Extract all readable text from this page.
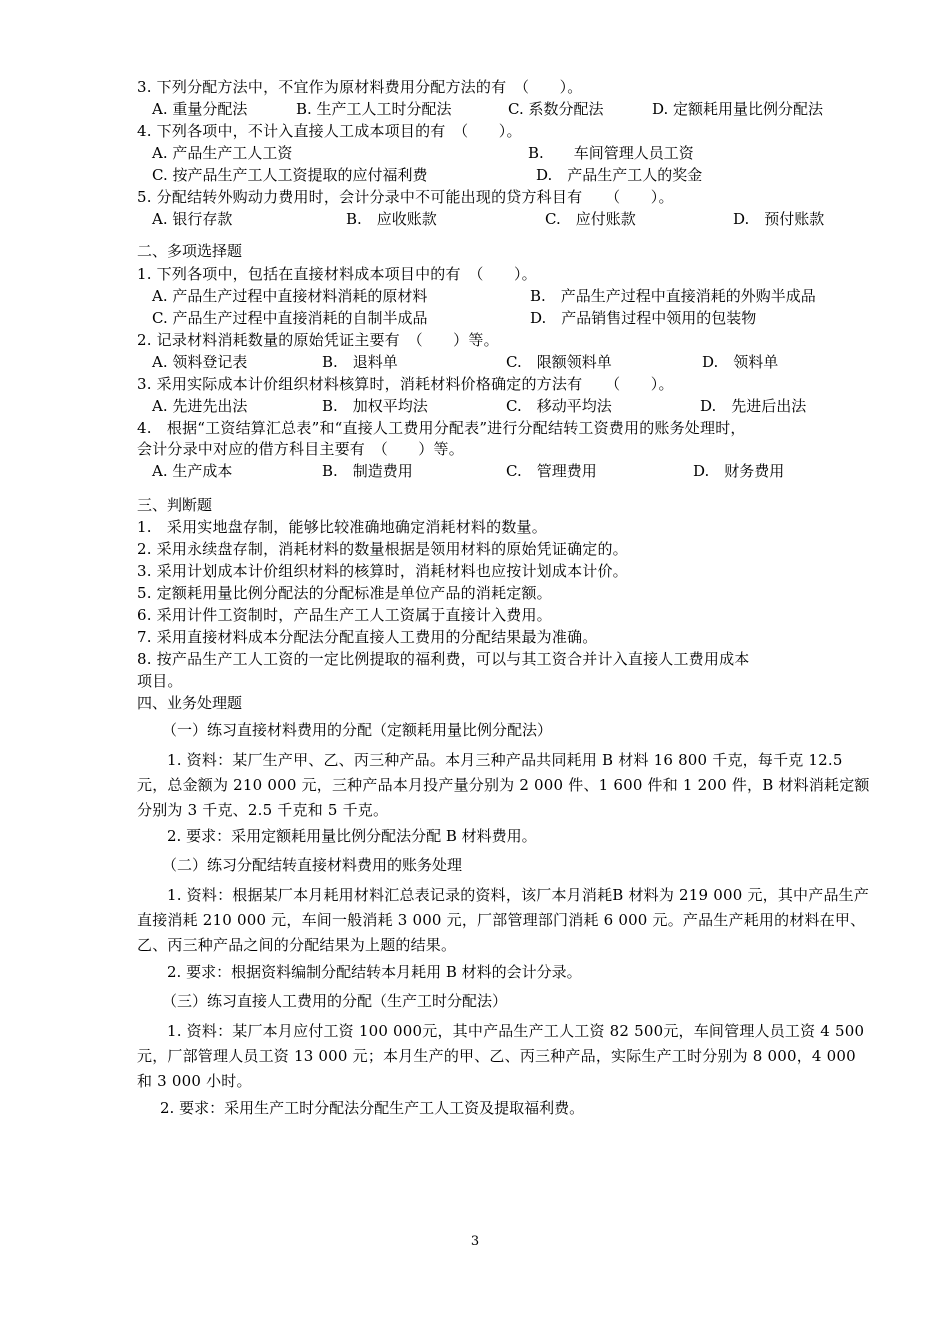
3. 下列分配方法中，不宜作为原材料费用分配方法的有　（　　）。
A. 重量分配法	B. 生产工人工时分配法	C. 系数分配法	D. 定额耗用量比例分配法
4. 下列各项中，不计入直接人工成本项目的有　（　　）。
A. 产品生产工人工资	B.　　车间管理人员工资
C. 按产品生产工人工资提取的应付福利费	D.　产品生产工人的奖金
5. 分配结转外购动力费用时，会计分录中不可能出现的贷方科目有　　（　　）。
A. 银行存款	B.　应收账款	C.　应付账款	D.　预付账款
二、多项选择题
1. 下列各项中，包括在直接材料成本项目中的有　（　　）。
A. 产品生产过程中直接材料消耗的原材料	B.　产品生产过程中直接消耗的外购半成品
C. 产品生产过程中直接消耗的自制半成品	D.　产品销售过程中领用的包装物
2. 记录材料消耗数量的原始凭证主要有　（　　）等。
A. 领料登记表	B.　退料单	C.　限额领料单	D.　领料单
3. 采用实际成本计价组织材料核算时，消耗材料价格确定的方法有　　（　　）。
A. 先进先出法	B.　加权平均法	C.　移动平均法	D.　先进后出法
4.　根据“工资结算汇总表”和“直接人工费用分配表”进行分配结转工资费用的账务处理时，
会计分录中对应的借方科目主要有　（　　）等。
A. 生产成本	B.　制造费用	C.　管理费用	D.　财务费用
三、判断题
1.　采用实地盘存制，能够比较准确地确定消耗材料的数量。
2. 采用永续盘存制，消耗材料的数量根据是领用材料的原始凭证确定的。
3. 采用计划成本计价组织材料的核算时，消耗材料也应按计划成本计价。
5. 定额耗用量比例分配法的分配标准是单位产品的消耗定额。
6. 采用计件工资制时，产品生产工人工资属于直接计入费用。
7. 采用直接材料成本分配法分配直接人工费用的分配结果最为准确。
8. 按产品生产工人工资的一定比例提取的福利费，可以与其工资合并计入直接人工费用成本
项目。
四、业务处理题
（一）练习直接材料费用的分配（定额耗用量比例分配法）
1. 资料：某厂生产甲、乙、丙三种产品。本月三种产品共同耗用 B 材料 16 800 千克，每千克 12.5 元，总金额为 210 000 元，三种产品本月投产量分别为 2 000 件、1 600 件和 1 200 件，B 材料消耗定额分别为 3 千克、2.5 千克和 5 千克。
2. 要求：采用定额耗用量比例分配法分配 B 材料费用。
（二）练习分配结转直接材料费用的账务处理
1. 资料：根据某厂本月耗用材料汇总表记录的资料，该厂本月消耗B 材料为 219 000 元，其中产品生产直接消耗 210 000 元，车间一般消耗 3 000 元，厂部管理部门消耗 6 000 元。产品生产耗用的材料在甲、乙、丙三种产品之间的分配结果为上题的结果。
2. 要求：根据资料编制分配结转本月耗用 B 材料的会计分录。
（三）练习直接人工费用的分配（生产工时分配法）
1. 资料：某厂本月应付工资 100 000元，其中产品生产工人工资 82 500元，车间管理人员工资 4 500 元，厂部管理人员工资 13 000 元；本月生产的甲、乙、丙三种产品，实际生产工时分别为 8 000，4 000 和 3 000 小时。
2. 要求：采用生产工时分配法分配生产工人工资及提取福利费。
3
